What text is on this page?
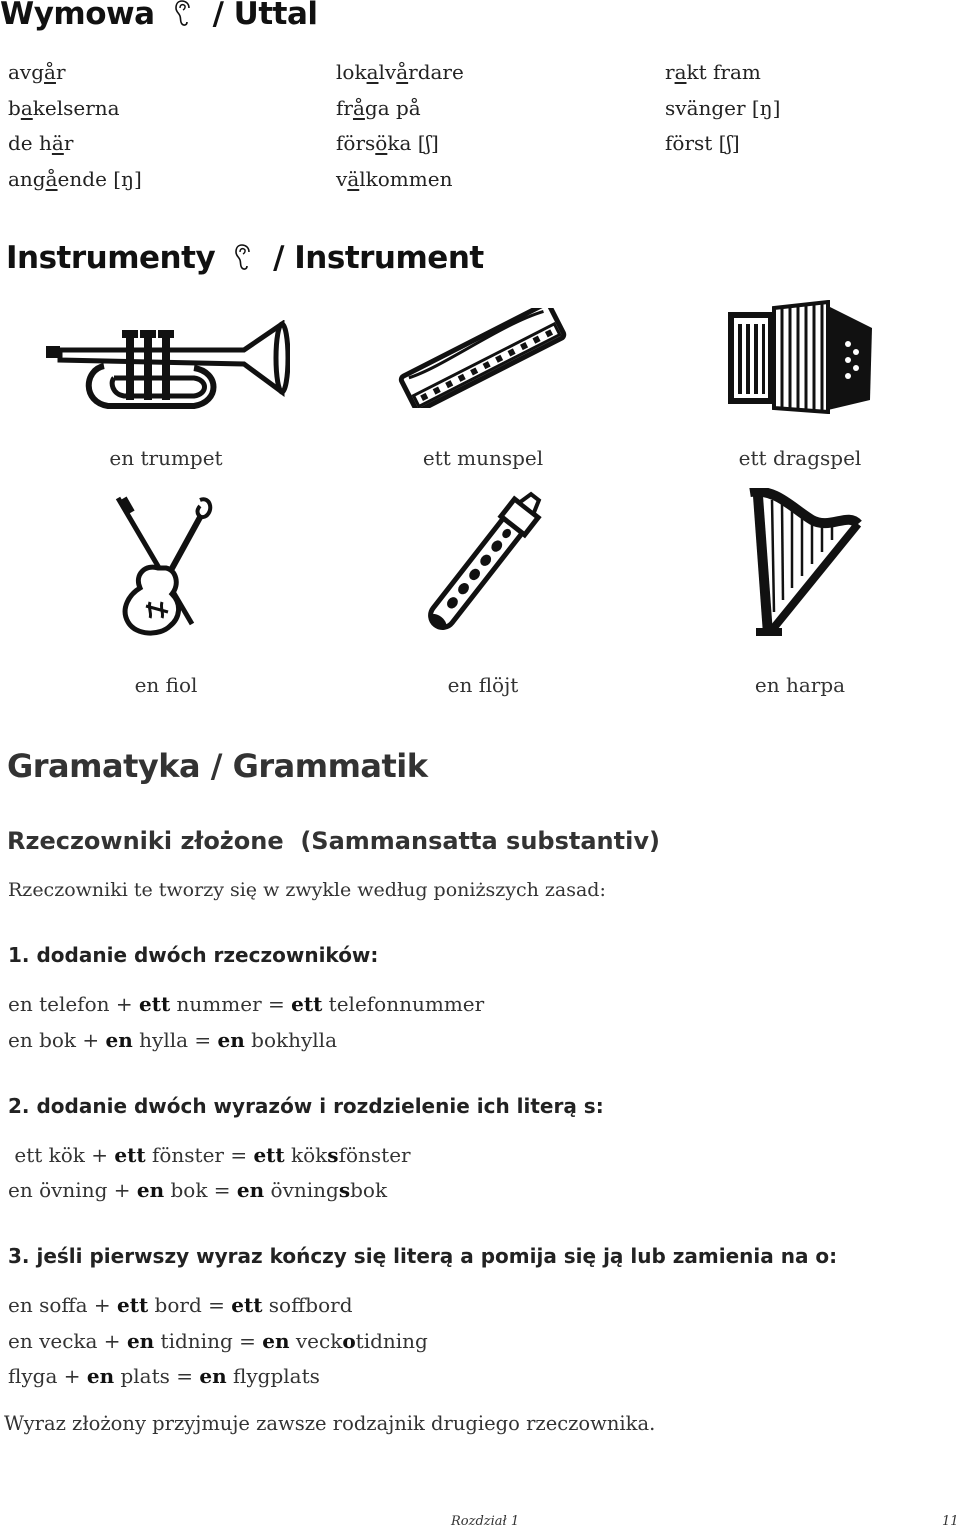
Wymowa / Uttal
avgår	lokalvårdare	rakt fram
bakelserna	fråga på	svänger [ŋ]
de här	försöka [ʃ]	först [ʃ]
angående [ŋ]	välkommen
Instrumenty / Instrument
en trumpet	ett munspel	ett dragspel
en fiol	en flöjt	en harpa
Gramatyka / Grammatik
Rzeczowniki złożone  (Sammansatta substantiv)
Rzeczowniki te tworzy się w zwykle według poniższych zasad:
1. dodanie dwóch rzeczowników:
en telefon + ett nummer = ett telefonnummer
en bok + en hylla = en bokhylla
2. dodanie dwóch wyrazów i rozdzielenie ich literą s:
ett kök + ett fönster = ett köksfönster
en övning + en bok = en övningsbok
3. jeśli pierwszy wyraz kończy się literą a pomija się ją lub zamienia na o:
en soffa + ett bord = ett soffbord
en vecka + en tidning = en veckotidning
flyga + en plats = en flygplats
Wyraz złożony przyjmuje zawsze rodzajnik drugiego rzeczownika.
Rozdział 1	11
